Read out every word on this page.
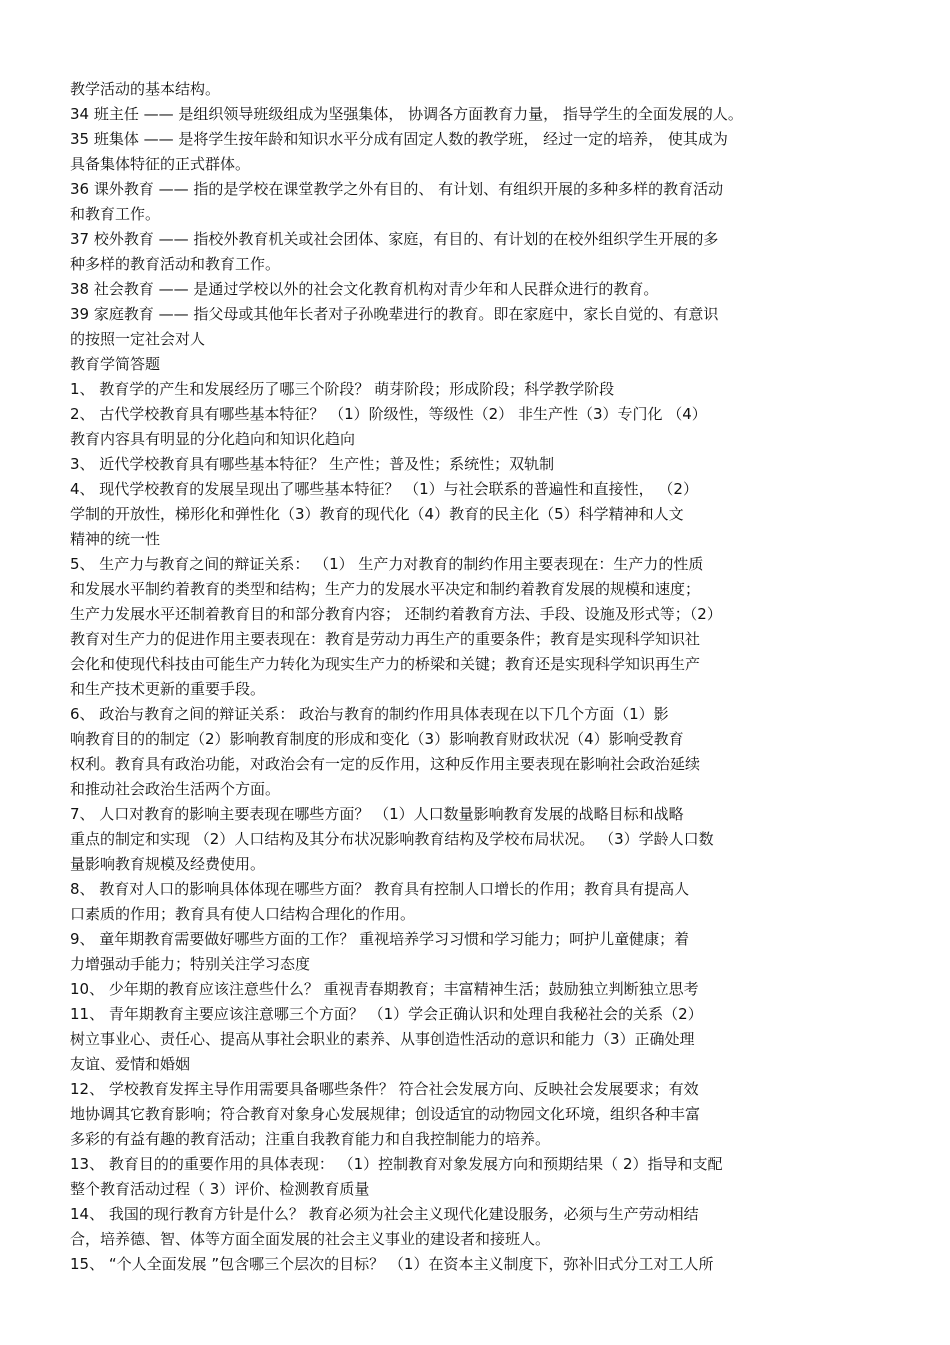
教学活动的基本结构。
34 班主任 —— 是组织领导班级组成为坚强集体， 协调各方面教育力量， 指导学生的全面发展的人。
35 班集体 —— 是将学生按年龄和知识水平分成有固定人数的教学班， 经过一定的培养， 使其成为
具备集体特征的正式群体。
36 课外教育 —— 指的是学校在课堂教学之外有目的、 有计划、有组织开展的多种多样的教育活动
和教育工作。
37 校外教育 —— 指校外教育机关或社会团体、家庭，有目的、有计划的在校外组织学生开展的多
种多样的教育活动和教育工作。
38 社会教育 —— 是通过学校以外的社会文化教育机构对青少年和人民群众进行的教育。
39 家庭教育 —— 指父母或其他年长者对子孙晚辈进行的教育。即在家庭中，家长自觉的、有意识
的按照一定社会对人
教育学简答题
1、 教育学的产生和发展经历了哪三个阶段？ 萌芽阶段；形成阶段；科学教学阶段
2、 古代学校教育具有哪些基本特征？ （1）阶级性，等级性（2） 非生产性（3）专门化 （4）
教育内容具有明显的分化趋向和知识化趋向
3、 近代学校教育具有哪些基本特征？ 生产性；普及性；系统性；双轨制
4、 现代学校教育的发展呈现出了哪些基本特征？ （1）与社会联系的普遍性和直接性， （2）
学制的开放性，梯形化和弹性化（3）教育的现代化（4）教育的民主化（5）科学精神和人文
精神的统一性
5、 生产力与教育之间的辩证关系： （1） 生产力对教育的制约作用主要表现在：生产力的性质
和发展水平制约着教育的类型和结构；生产力的发展水平决定和制约着教育发展的规模和速度；
生产力发展水平还制着教育目的和部分教育内容； 还制约着教育方法、手段、设施及形式等；（2）
教育对生产力的促进作用主要表现在：教育是劳动力再生产的重要条件；教育是实现科学知识社
会化和使现代科技由可能生产力转化为现实生产力的桥梁和关键；教育还是实现科学知识再生产
和生产技术更新的重要手段。
6、 政治与教育之间的辩证关系： 政治与教育的制约作用具体表现在以下几个方面（1）影
响教育目的的制定（2）影响教育制度的形成和变化（3）影响教育财政状况（4）影响受教育
权利。教育具有政治功能，对政治会有一定的反作用，这种反作用主要表现在影响社会政治延续
和推动社会政治生活两个方面。
7、 人口对教育的影响主要表现在哪些方面？ （1）人口数量影响教育发展的战略目标和战略
重点的制定和实现 （2）人口结构及其分布状况影响教育结构及学校布局状况。 （3）学龄人口数
量影响教育规模及经费使用。
8、 教育对人口的影响具体体现在哪些方面？ 教育具有控制人口增长的作用；教育具有提高人
口素质的作用；教育具有使人口结构合理化的作用。
9、 童年期教育需要做好哪些方面的工作？ 重视培养学习习惯和学习能力；呵护儿童健康；着
力增强动手能力；特别关注学习态度
10、 少年期的教育应该注意些什么？ 重视青春期教育；丰富精神生活；鼓励独立判断独立思考
11、 青年期教育主要应该注意哪三个方面？ （1）学会正确认识和处理自我秘社会的关系（2）
树立事业心、责任心、提高从事社会职业的素养、从事创造性活动的意识和能力（3）正确处理
友谊、爱情和婚姻
12、 学校教育发挥主导作用需要具备哪些条件？ 符合社会发展方向、反映社会发展要求；有效
地协调其它教育影响；符合教育对象身心发展规律；创设适宜的动物园文化环境，组织各种丰富
多彩的有益有趣的教育活动；注重自我教育能力和自我控制能力的培养。
13、 教育目的的重要作用的具体表现： （1）控制教育对象发展方向和预期结果（ 2）指导和支配
整个教育活动过程（ 3）评价、检测教育质量
14、 我国的现行教育方针是什么？ 教育必须为社会主义现代化建设服务，必须与生产劳动相结
合，培养德、智、体等方面全面发展的社会主义事业的建设者和接班人。
15、 “个人全面发展 ”包含哪三个层次的目标？ （1）在资本主义制度下，弥补旧式分工对工人所
